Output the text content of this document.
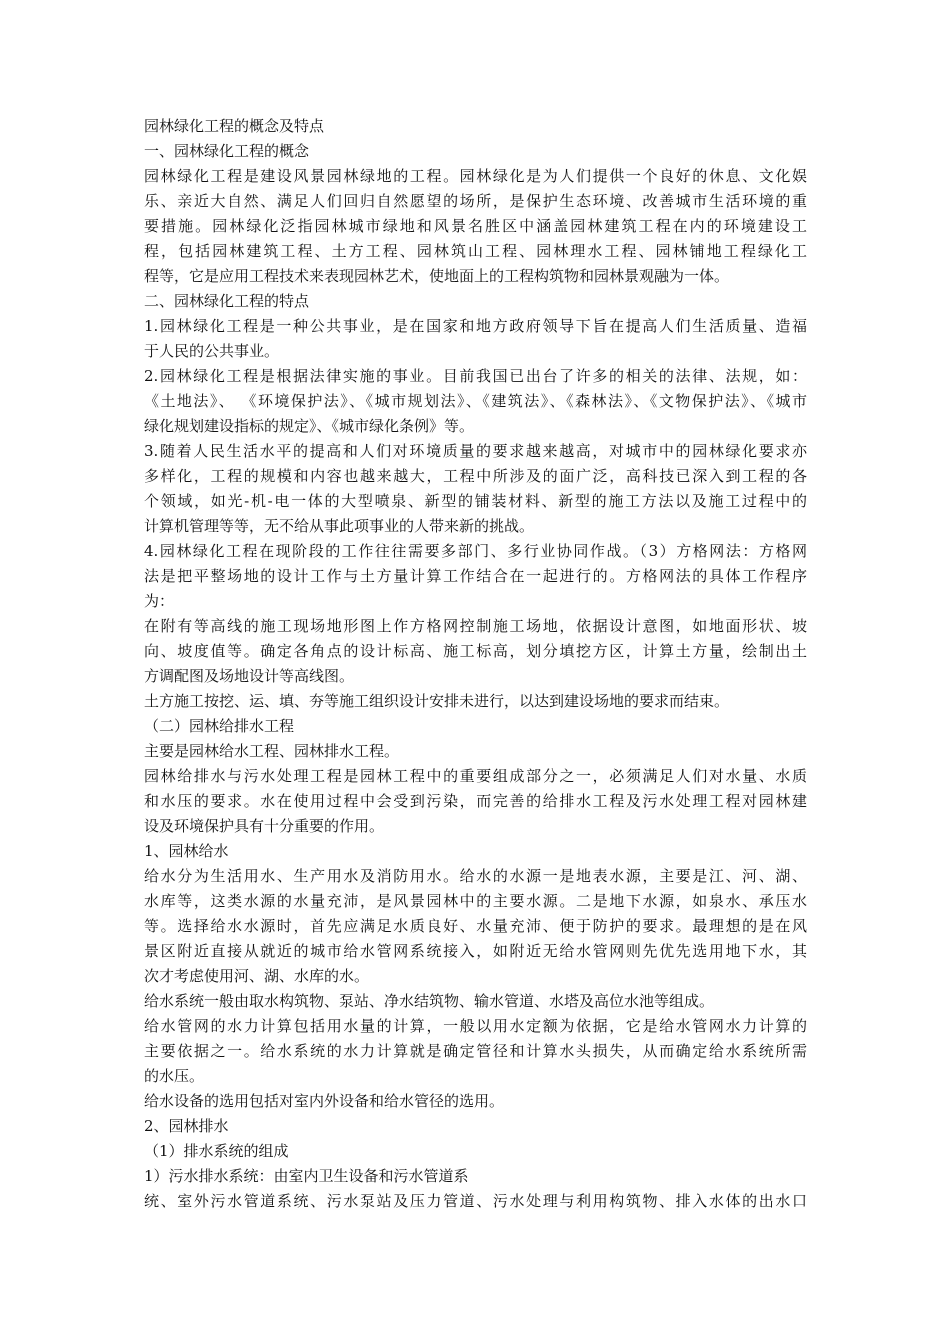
园林绿化工程的概念及特点
一、园林绿化工程的概念
园林绿化工程是建设风景园林绿地的工程。园林绿化是为人们提供一个良好的休息、文化娱
乐、亲近大自然、满足人们回归自然愿望的场所，是保护生态环境、改善城市生活环境的重
要措施。园林绿化泛指园林城市绿地和风景名胜区中涵盖园林建筑工程在内的环境建设工
程，包括园林建筑工程、土方工程、园林筑山工程、园林理水工程、园林铺地工程绿化工
程等，它是应用工程技术来表现园林艺术，使地面上的工程构筑物和园林景观融为一体。
二、园林绿化工程的特点
1.园林绿化工程是一种公共事业，是在国家和地方政府领导下旨在提高人们生活质量、造福
于人民的公共事业。
2.园林绿化工程是根据法律实施的事业。目前我国已出台了许多的相关的法律、法规，如：
《土地法》、 《环境保护法》、《城市规划法》、《建筑法》、《森林法》、《文物保护法》、《城市
绿化规划建设指标的规定》、《城市绿化条例》等。
3.随着人民生活水平的提高和人们对环境质量的要求越来越高，对城市中的园林绿化要求亦
多样化，工程的规模和内容也越来越大，工程中所涉及的面广泛，高科技已深入到工程的各
个领域，如光-机-电一体的大型喷泉、新型的铺装材料、新型的施工方法以及施工过程中的
计算机管理等等，无不给从事此项事业的人带来新的挑战。
4.园林绿化工程在现阶段的工作往往需要多部门、多行业协同作战。（3）方格网法：方格网
法是把平整场地的设计工作与土方量计算工作结合在一起进行的。方格网法的具体工作程序
为：
在附有等高线的施工现场地形图上作方格网控制施工场地，依据设计意图，如地面形状、坡
向、坡度值等。确定各角点的设计标高、施工标高，划分填挖方区，计算土方量，绘制出土
方调配图及场地设计等高线图。
土方施工按挖、运、填、夯等施工组织设计安排未进行，以达到建设场地的要求而结束。
（二）园林给排水工程
主要是园林给水工程、园林排水工程。
园林给排水与污水处理工程是园林工程中的重要组成部分之一，必须满足人们对水量、水质
和水压的要求。水在使用过程中会受到污染，而完善的给排水工程及污水处理工程对园林建
设及环境保护具有十分重要的作用。
1、园林给水
给水分为生活用水、生产用水及消防用水。给水的水源一是地表水源，主要是江、河、湖、
水库等，这类水源的水量充沛，是风景园林中的主要水源。二是地下水源，如泉水、承压水
等。选择给水水源时，首先应满足水质良好、水量充沛、便于防护的要求。最理想的是在风
景区附近直接从就近的城市给水管网系统接入，如附近无给水管网则先优先选用地下水，其
次才考虑使用河、湖、水库的水。
给水系统一般由取水构筑物、泵站、净水结筑物、输水管道、水塔及高位水池等组成。
给水管网的水力计算包括用水量的计算，一般以用水定额为依据，它是给水管网水力计算的
主要依据之一。给水系统的水力计算就是确定管径和计算水头损失，从而确定给水系统所需
的水压。
给水设备的选用包括对室内外设备和给水管径的选用。
2、园林排水
（1）排水系统的组成
1）污水排水系统：由室内卫生设备和污水管道系
统、室外污水管道系统、污水泵站及压力管道、污水处理与利用构筑物、排入水体的出水口
